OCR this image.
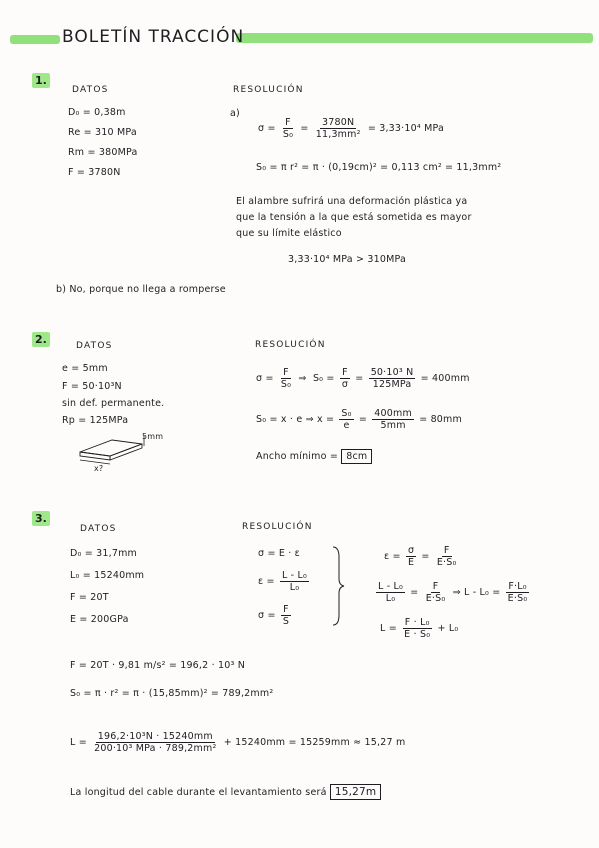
BOLETÍN TRACCIÓN
1.
DATOS	RESOLUCIÓN
D₀ = 0,38m
Re = 310 MPa
Rm = 380MPa
F = 3780N
a)
$\sigma = \frac{F}{\text{S₀}} = \frac{3780N}{\text{11,3mm²}} = 3,33\cdot 10^4$ MPa
S₀ = π r² = π · (0,19cm)² = 0,113 cm² = 11,3mm²
El alambre sufrirá una deformación plástica ya
que la tensión a la que está sometida es mayor
que su límite elástico
3,33·10⁴ MPa > 310MPa
b) No, porque no llega a romperse
2.	DATOS	RESOLUCIÓN
e = 5mm
F = 50·10³N
sin def. permanente.
Rp = 125MPa
5mm
x?
$\sigma = \frac{F}{\text{S₀}}$ ⇒ $S_0 = \frac{F}{\sigma} = \frac{\text{50·10³ N}}{\text{125MPa}} = 400mm$
S₀ = x · e ⇒ $x = \frac{\text{S₀}}{e} = \frac{400mm}{5mm} = 80mm$
Ancho mínimo = 8cm
3.
DATOS	RESOLUCIÓN
D₀ = 31,7mm
L₀ = 15240mm
F = 20T
E = 200GPa
σ = E · ε
$\varepsilon = \frac{\text{L - L₀}}{\text{L₀}}$
$\sigma = \frac{F}{S}$
$\varepsilon = \frac{\sigma}{E} = \frac{F}{\text{E·S₀}}$
$\frac{\text{L - L₀}}{\text{L₀}} = \frac{F}{\text{E·S₀}}$ ⇒ $L - L_0 = \frac{\text{F·L₀}}{\text{E·S₀}}$
$L = \frac{\text{F · L₀}}{\text{E · S₀}} + L_0$
F = 20T · 9,81 m/s² = 196,2 · 10³ N
S₀ = π · r² = π · (15,85mm)² = 789,2mm²
$L = \frac{\text{196,2·10³N · 15240mm}}{\text{200·10³ MPa · 789,2mm²}} + 15240mm = 15259mm \approx 15,27$ m
La longitud del cable durante el levantamiento será 15,27m
